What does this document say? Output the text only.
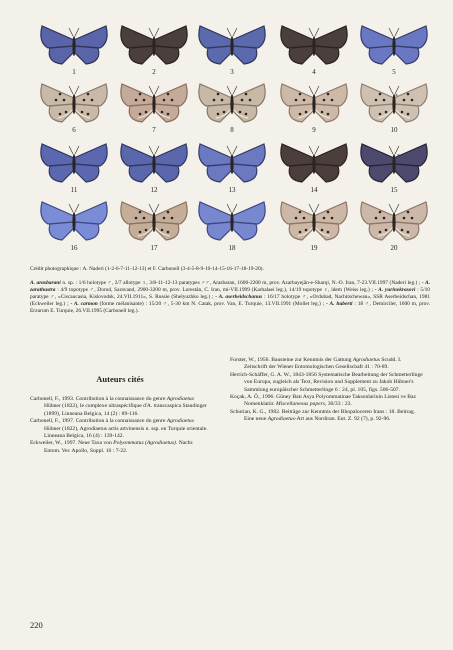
1	2	3	4	5
6	7	8	9	10
11	12	13	14	15
16	17	18	19	20
*
*
Crédit photographique : A. Naderi (1-2-6-7-11-12-13) et F. Carbonell (3-4-5-8-9-10-14-15-16-17-18-19-20).
A. arasbarani n. sp. : 1/6 holotype ♂, 2/7 allotype ♀, 3/8-11-12-13 paratypes ♂♂, Arasbaran, 1600-2200 m, prov. Azarbayejân-e-Sharqi, N.-O. Iran, 7-23.VII.1997 (Naderi leg.) ; - A. zarathustra : 4/9 topotype ♂, Dorud, Saravand, 2900-3200 m, prov. Lorestân, C. Iran, mi-VII.1999 (Karbalaei leg.), 14/19 topotype ♀, idem (Weiss leg.) ; - A. yurinekrasovi : 5/10 paratype ♂, «Ciscaucasia, Kislovodsk, 24.VII.1911», S. Russie (Shelyuzhko leg.) ; - A. aserbeidschanus : 16/17 holotype ♂, «Ordubad, Nachitschewan», SSR Aserbeidschan, 1981 (Eckweiler leg.) ; - A. carmon (forme mélanisante) : 15/20 ♂, 5-30 km N. Catak, prov. Van, E. Turquie, 13.VII.1991 (Mollet leg.) ; - A. huberti : 18 ♂, Demirciler, 1600 m, prov. Erzurum E. Turquie, 26.VII.1995 (Carbonell leg.).
Auteurs cités

Carbonell, F., 1993. Contribution à la connaissance du genre Agrodiaetus Hübner (1822), le complexe ultraspécifique d'A. transcaspica Staudinger (1899), Linneana Belgica, 14 (2) : 89-116.

Carbonell, F., 1997. Contribution à la connaissance du genre Agrodiaetus Hübner (1822), Agrodiaetus actis artvinensis n. ssp. en Turquie orientale. Linneana Belgica, 16 (4) : 139-142.

Eckweiler, W., 1997. Neue Taxa von Polyommatus (Agrodiaetus). Nachr. Entom. Ver. Apollo, Suppl. 16 : 7-22.

Forster, W., 1956. Bausteine zur Kenntnis der Gattung Agrodiaetus Scudd. I. Zeitschrift der Wiener Entomologischen Gesellschaft 41 : 70-89.

Herrich-Schäffer, G. A. W., 1843-1856 Systematische Bearbeitung der Schmetterlinge von Europa, zugleich als Text, Revision und Supplement zu Jakob Hübner's Sammlung europäischer Schmetterlinge 6 : 24, pl. 105, figs. 506-507.

Koçak, A. Ö., 1996. Güney Batı Asya Polyommatinae Taksonlarinin Listesi ve Baz Nomenklatür. Miscellaneous papers, 30/33 : 23.

Schurian, K. G., 1982. Beiträge zur Kenntnis der Rhopaloceren Irans : 18. Beitrag. Eine neue Agrodiaetus-Art aus Nordiran. Ent. Z. 92 (7), p. 92-96.

220
